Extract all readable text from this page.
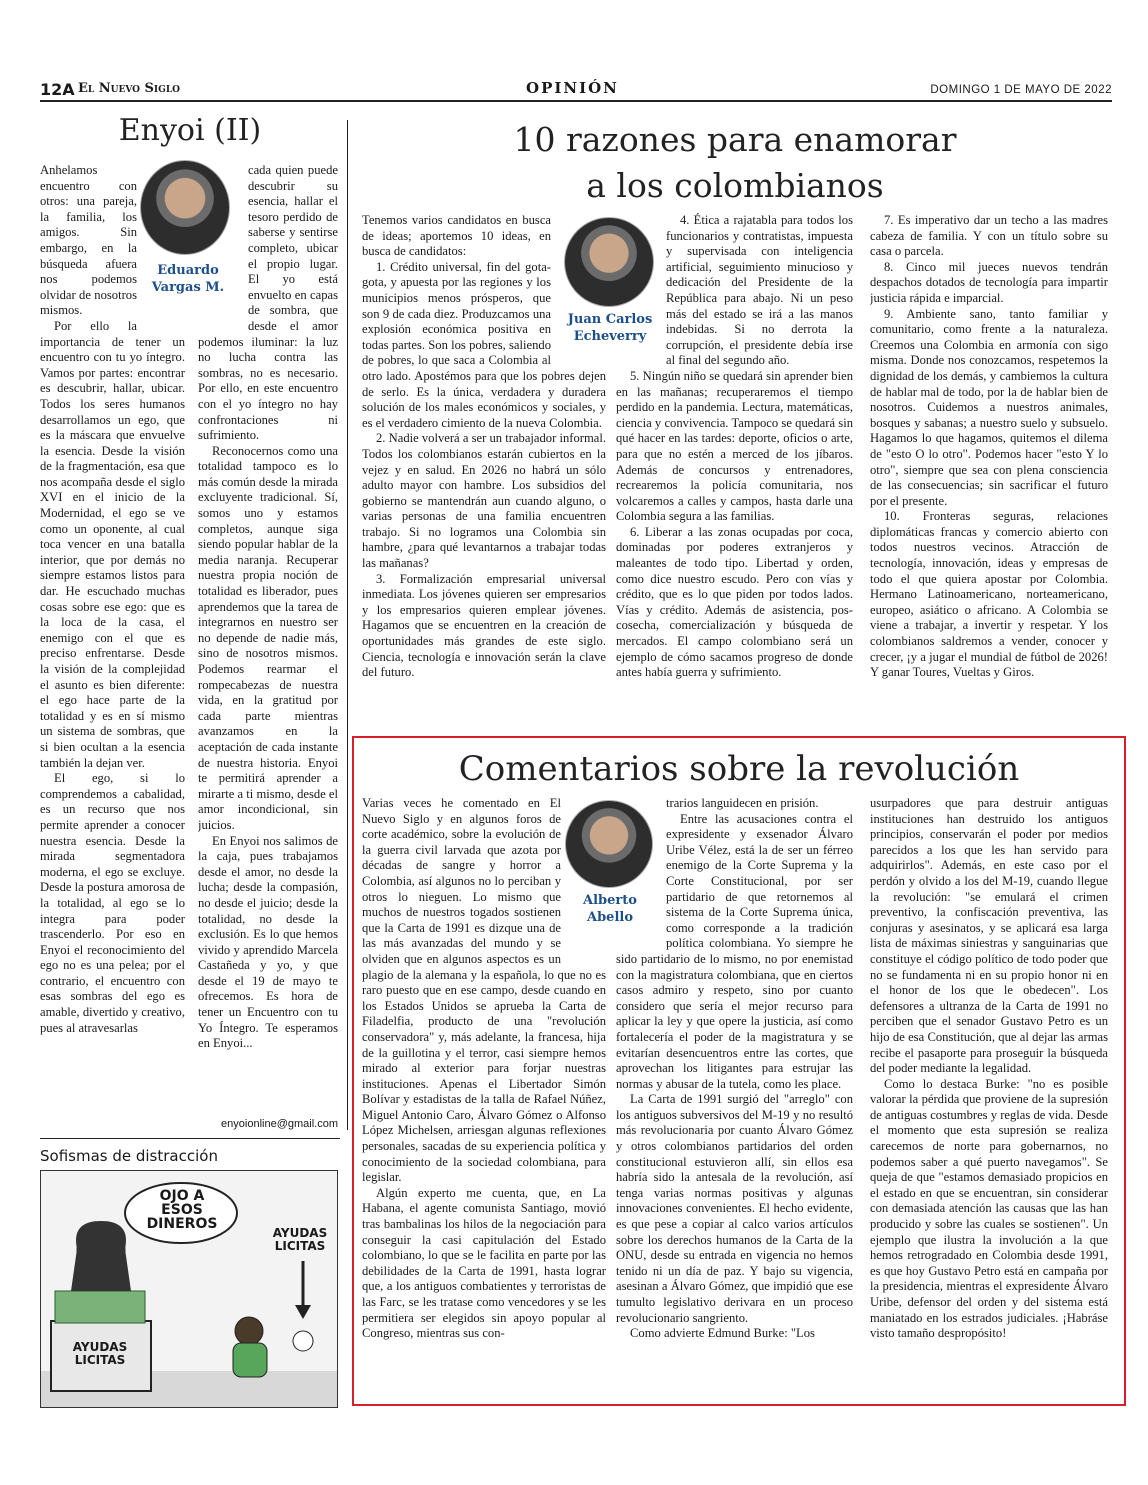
12A El Nuevo Siglo	OPINIÓN	DOMINGO 1 DE MAYO DE 2022
Enyoi (II)
Eduardo Vargas M.

Anhelamos encuentro con otros: una pareja, la familia, los amigos. Sin embargo, en la búsqueda afuera nos podemos olvidar de nosotros mismos.

Por ello la importancia de tener un encuentro con tu yo íntegro. Vamos por partes: encontrar es descubrir, hallar, ubicar. Todos los seres humanos desarrollamos un ego, que es la máscara que envuelve la esencia. Desde la visión de la fragmentación, esa que nos acompaña desde el siglo XVI en el inicio de la Modernidad, el ego se ve como un oponente, al cual toca vencer en una batalla interior, que por demás no siempre estamos listos para dar. He escuchado muchas cosas sobre ese ego: que es la loca de la casa, el enemigo con el que es preciso enfrentarse. Desde la visión de la complejidad el asunto es bien diferente: el ego hace parte de la totalidad y es en sí mismo un sistema de sombras, que si bien ocultan a la esencia también la dejan ver.

El ego, si lo comprendemos a cabalidad, es un recurso que nos permite aprender a conocer nuestra esencia. Desde la mirada segmentadora moderna, el ego se excluye. Desde la postura amorosa de la totalidad, al ego se lo integra para poder trascenderlo. Por eso en Enyoi el reconocimiento del ego no es una pelea; por el contrario, el encuentro con esas sombras del ego es amable, divertido y creativo, pues al atravesarlas

cada quien puede descubrir su esencia, hallar el tesoro perdido de saberse y sentirse completo, ubicar el propio lugar. El yo está envuelto en capas de sombra, que desde el amor podemos iluminar: la luz no lucha contra las sombras, no es necesario. Por ello, en este encuentro con el yo íntegro no hay confrontaciones ni sufrimiento.

Reconocernos como una totalidad tampoco es lo más común desde la mirada excluyente tradicional. Sí, somos uno y estamos completos, aunque siga siendo popular hablar de la media naranja. Recuperar nuestra propia noción de totalidad es liberador, pues aprendemos que la tarea de integrarnos en nuestro ser no depende de nadie más, sino de nosotros mismos. Podemos rearmar el rompecabezas de nuestra vida, en la gratitud por cada parte mientras avanzamos en la aceptación de cada instante de nuestra historia. Enyoi te permitirá aprender a mirarte a ti mismo, desde el amor incondicional, sin juicios.

En Enyoi nos salimos de la caja, pues trabajamos desde el amor, no desde la lucha; desde la compasión, no desde el juicio; desde la totalidad, no desde la exclusión. Es lo que hemos vivido y aprendido Marcela Castañeda y yo, y que desde el 19 de mayo te ofrecemos. Es hora de tener un Encuentro con tu Yo Íntegro. Te esperamos en Enyoi...

enyoionline@gmail.com
Sofismas de distracción
OJO A ESOS DINEROS
AYUDAS LICITAS
AYUDAS LICITAS
10 razones para enamorar
a los colombianos
Juan Carlos Echeverry

Tenemos varios candidatos en busca de ideas; aportemos 10 ideas, en busca de candidatos:

1. Crédito universal, fin del gota-gota, y apuesta por las regiones y los municipios menos prósperos, que son 9 de cada diez. Produzcamos una explosión económica positiva en todas partes. Son los pobres, saliendo de pobres, lo que saca a Colombia al otro lado. Apostémos para que los pobres dejen de serlo. Es la única, verdadera y duradera solución de los males económicos y sociales, y es el verdadero cimiento de la nueva Colombia.

2. Nadie volverá a ser un trabajador informal. Todos los colombianos estarán cubiertos en la vejez y en salud. En 2026 no habrá un sólo adulto mayor con hambre. Los subsidios del gobierno se mantendrán aun cuando alguno, o varias personas de una familia encuentren trabajo. Si no logramos una Colombia sin hambre, ¿para qué levantarnos a trabajar todas las mañanas?

3. Formalización empresarial universal inmediata. Los jóvenes quieren ser empresarios y los empresarios quieren emplear jóvenes. Hagamos que se encuentren en la creación de oportunidades más grandes de este siglo. Ciencia, tecnología e innovación serán la clave del futuro.

4. Ética a rajatabla para todos los funcionarios y contratistas, impuesta y supervisada con inteligencia artificial, seguimiento minucioso y dedicación del Presidente de la República para abajo. Ni un peso más del estado se irá a las manos indebidas. Si no derrota la corrupción, el presidente debía irse al final del segundo año.

5. Ningún niño se quedará sin aprender bien en las mañanas; recuperaremos el tiempo perdido en la pandemia. Lectura, matemáticas, ciencia y convivencia. Tampoco se quedará sin qué hacer en las tardes: deporte, oficios o arte, para que no estén a merced de los jíbaros. Además de concursos y entrenadores, recrearemos la policía comunitaria, nos volcaremos a calles y campos, hasta darle una Colombia segura a las familias.

6. Liberar a las zonas ocupadas por coca, dominadas por poderes extranjeros y maleantes de todo tipo. Libertad y orden, como dice nuestro escudo. Pero con vías y crédito, que es lo que piden por todos lados. Vías y crédito. Además de asistencia, pos-cosecha, comercialización y búsqueda de mercados. El campo colombiano será un ejemplo de cómo sacamos progreso de donde antes había guerra y sufrimiento.

7. Es imperativo dar un techo a las madres cabeza de familia. Y con un título sobre su casa o parcela.

8. Cinco mil jueces nuevos tendrán despachos dotados de tecnología para impartir justicia rápida e imparcial.

9. Ambiente sano, tanto familiar y comunitario, como frente a la naturaleza. Creemos una Colombia en armonía con sigo misma. Donde nos conozcamos, respetemos la dignidad de los demás, y cambiemos la cultura de hablar mal de todo, por la de hablar bien de nosotros. Cuidemos a nuestros animales, bosques y sabanas; a nuestro suelo y subsuelo. Hagamos lo que hagamos, quitemos el dilema de "esto O lo otro". Podemos hacer "esto Y lo otro", siempre que sea con plena consciencia de las consecuencias; sin sacrificar el futuro por el presente.

10. Fronteras seguras, relaciones diplomáticas francas y comercio abierto con todos nuestros vecinos. Atracción de tecnología, innovación, ideas y empresas de todo el que quiera apostar por Colombia. Hermano Latinoamericano, norteamericano, europeo, asiático o africano. A Colombia se viene a trabajar, a invertir y respetar. Y los colombianos saldremos a vender, conocer y crecer, ¡y a jugar el mundial de fútbol de 2026! Y ganar Toures, Vueltas y Giros.

Comentarios sobre la revolución
Alberto Abello

Varias veces he comentado en El Nuevo Siglo y en algunos foros de corte académico, sobre la evolución de la guerra civil larvada que azota por décadas de sangre y horror a Colombia, así algunos no lo perciban y otros lo nieguen. Lo mismo que muchos de nuestros togados sostienen que la Carta de 1991 es dizque una de las más avanzadas del mundo y se olviden que en algunos aspectos es un plagio de la alemana y la española, lo que no es raro puesto que en ese campo, desde cuando en los Estados Unidos se aprueba la Carta de Filadelfia, producto de una "revolución conservadora" y, más adelante, la francesa, hija de la guillotina y el terror, casi siempre hemos mirado al exterior para forjar nuestras instituciones. Apenas el Libertador Simón Bolívar y estadistas de la talla de Rafael Núñez, Miguel Antonio Caro, Álvaro Gómez o Alfonso López Michelsen, arriesgan algunas reflexiones personales, sacadas de su experiencia política y conocimiento de la sociedad colombiana, para legislar.

Algún experto me cuenta, que, en La Habana, el agente comunista Santiago, movió tras bambalinas los hilos de la negociación para conseguir la casi capitulación del Estado colombiano, lo que se le facilita en parte por las debilidades de la Carta de 1991, hasta lograr que, a los antiguos combatientes y terroristas de las Farc, se les tratase como vencedores y se les permitiera ser elegidos sin apoyo popular al Congreso, mientras sus con-

trarios languidecen en prisión.

Entre las acusaciones contra el expresidente y exsenador Álvaro Uribe Vélez, está la de ser un férreo enemigo de la Corte Suprema y la Corte Constitucional, por ser partidario de que retornemos al sistema de la Corte Suprema única, como corresponde a la tradición política colombiana. Yo siempre he sido partidario de lo mismo, no por enemistad con la magistratura colombiana, que en ciertos casos admiro y respeto, sino por cuanto considero que sería el mejor recurso para aplicar la ley y que opere la justicia, así como fortalecería el poder de la magistratura y se evitarían desencuentros entre las cortes, que aprovechan los litigantes para estrujar las normas y abusar de la tutela, como les place.

La Carta de 1991 surgió del "arreglo" con los antiguos subversivos del M-19 y no resultó más revolucionaria por cuanto Álvaro Gómez y otros colombianos partidarios del orden constitucional estuvieron allí, sin ellos esa habría sido la antesala de la revolución, así tenga varias normas positivas y algunas innovaciones convenientes. El hecho evidente, es que pese a copiar al calco varios artículos sobre los derechos humanos de la Carta de la ONU, desde su entrada en vigencia no hemos tenido ni un día de paz. Y bajo su vigencia, asesinan a Álvaro Gómez, que impidió que ese tumulto legislativo derivara en un proceso revolucionario sangriento.

Como advierte Edmund Burke: "Los

usurpadores que para destruir antiguas instituciones han destruido los antiguos principios, conservarán el poder por medios parecidos a los que les han servido para adquirirlos". Además, en este caso por el perdón y olvido a los del M-19, cuando llegue la revolución: "se emulará el crimen preventivo, la confiscación preventiva, las conjuras y asesinatos, y se aplicará esa larga lista de máximas siniestras y sanguinarias que constituye el código político de todo poder que no se fundamenta ni en su propio honor ni en el honor de los que le obedecen". Los defensores a ultranza de la Carta de 1991 no perciben que el senador Gustavo Petro es un hijo de esa Constitución, que al dejar las armas recibe el pasaporte para proseguir la búsqueda del poder mediante la legalidad.

Como lo destaca Burke: "no es posible valorar la pérdida que proviene de la supresión de antiguas costumbres y reglas de vida. Desde el momento que esta supresión se realiza carecemos de norte para gobernarnos, no podemos saber a qué puerto navegamos". Se queja de que "estamos demasiado propicios en el estado en que se encuentran, sin considerar con demasiada atención las causas que las han producido y sobre las cuales se sostienen". Un ejemplo que ilustra la involución a la que hemos retrogradado en Colombia desde 1991, es que hoy Gustavo Petro está en campaña por la presidencia, mientras el expresidente Álvaro Uribe, defensor del orden y del sistema está maniatado en los estrados judiciales. ¡Habráse visto tamaño despropósito!
